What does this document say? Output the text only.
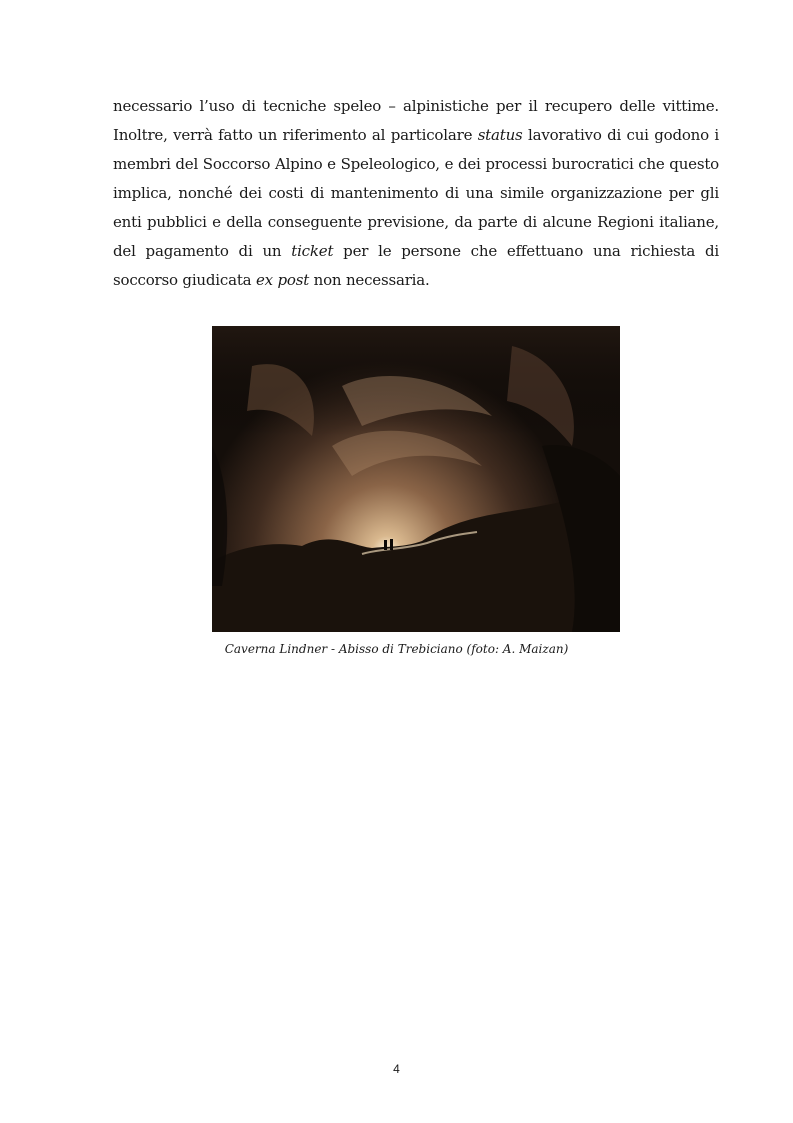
necessario l’uso di tecniche speleo – alpinistiche per il recupero delle vittime. Inoltre, verrà fatto un riferimento al particolare status lavorativo di cui godono i membri del Soccorso Alpino e Speleologico, e dei processi burocratici che questo implica, nonché dei costi di mantenimento di una simile organizzazione per gli enti pubblici e della conseguente previsione, da parte di alcune Regioni italiane, del pagamento di un ticket per le persone che effettuano una richiesta di soccorso giudicata ex post non necessaria.

Caverna Lindner - Abisso di Trebiciano (foto: A. Maizan)
4
